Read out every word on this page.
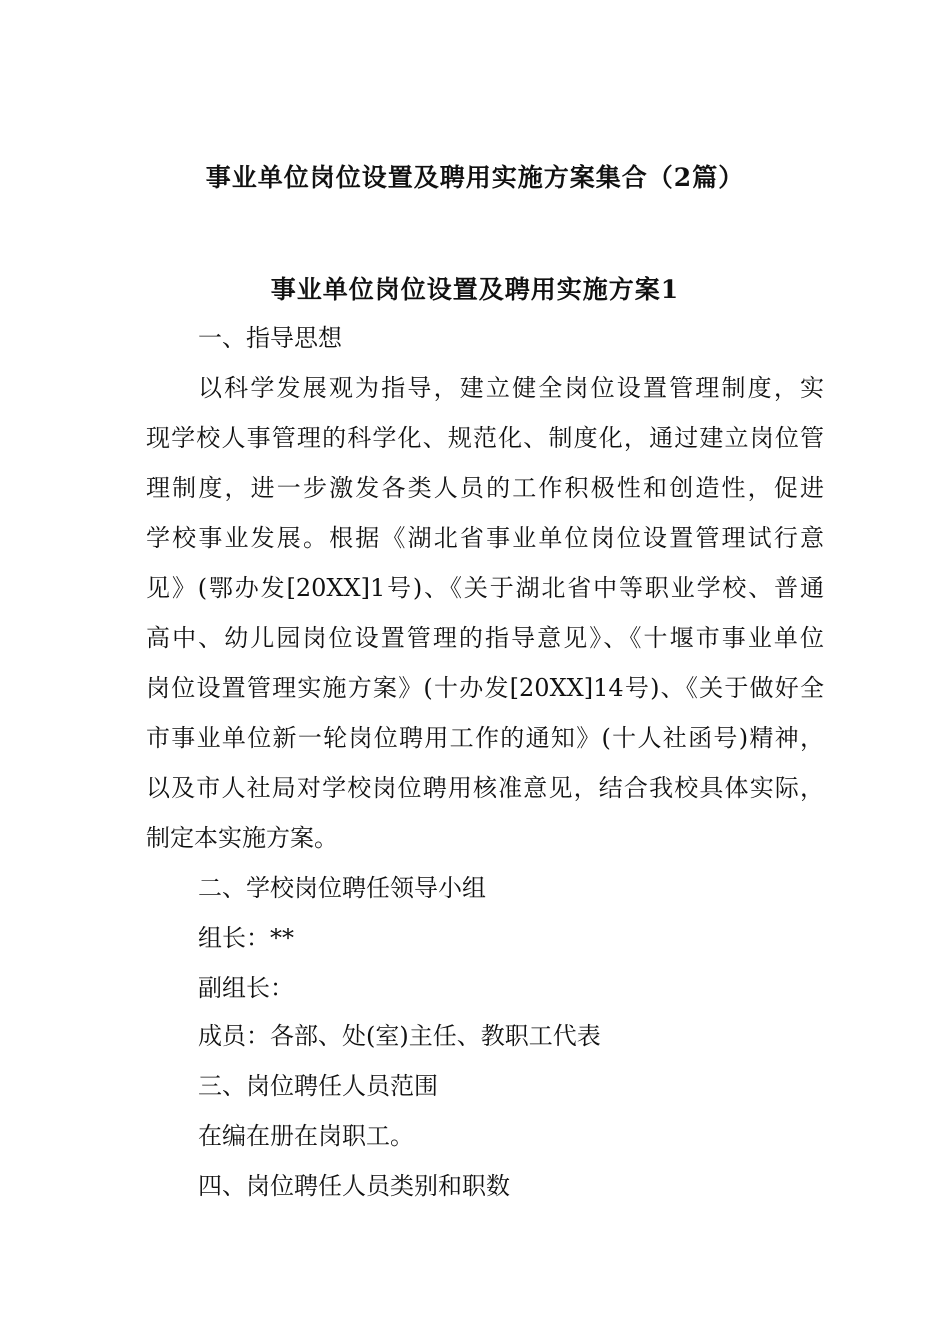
事业单位岗位设置及聘用实施方案集合（2篇）
事业单位岗位设置及聘用实施方案1
一、指导思想
以科学发展观为指导，建立健全岗位设置管理制度，实
现学校人事管理的科学化、规范化、制度化，通过建立岗位管
理制度，进一步激发各类人员的工作积极性和创造性，促进
学校事业发展。根据《湖北省事业单位岗位设置管理试行意
见》(鄂办发[20XX]1号)、《关于湖北省中等职业学校、普通
高中、幼儿园岗位设置管理的指导意见》、《十堰市事业单位
岗位设置管理实施方案》(十办发[20XX]14号)、《关于做好全
市事业单位新一轮岗位聘用工作的通知》(十人社函号)精神，
以及市人社局对学校岗位聘用核准意见，结合我校具体实际，
制定本实施方案。
二、学校岗位聘任领导小组
组长：**
副组长：
成员：各部、处(室)主任、教职工代表
三、岗位聘任人员范围
在编在册在岗职工。
四、岗位聘任人员类别和职数
